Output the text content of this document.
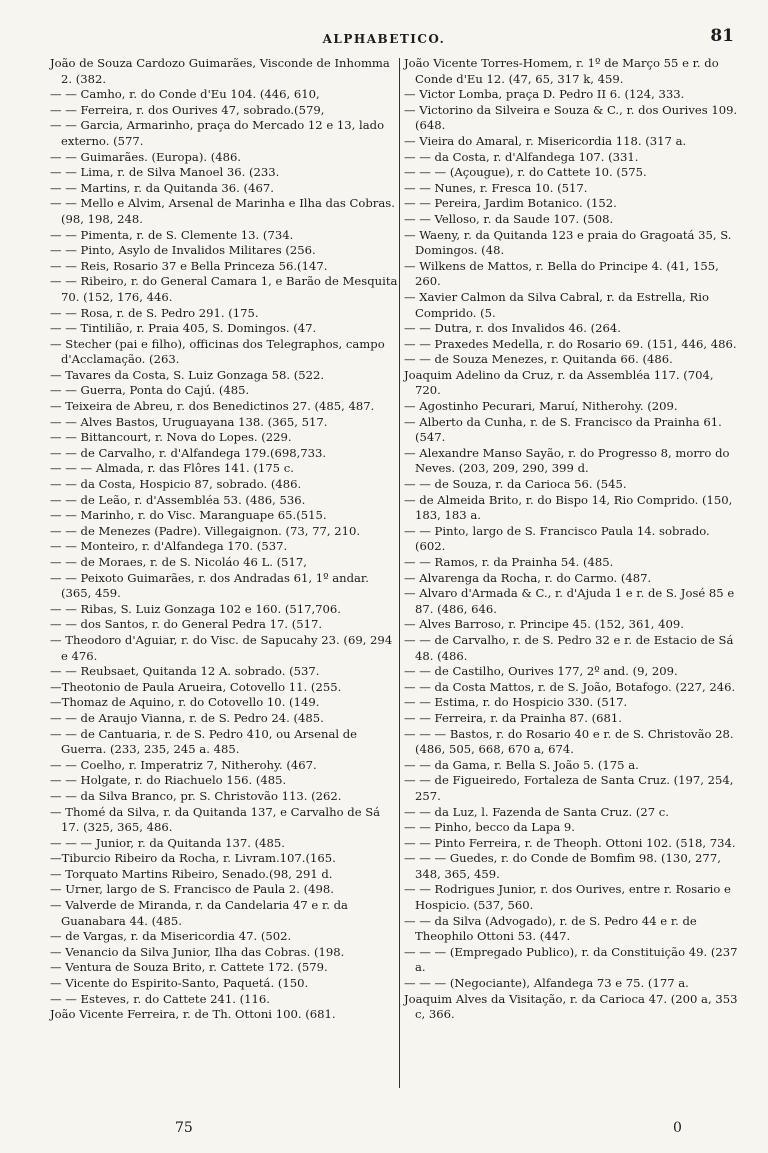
ALPHABETICO.	81

João de Souza Cardozo Guimarães, Visconde de Inhomma 2. (382.

— — Camho, r. do Conde d'Eu 104. (446, 610,

— — Ferreira, r. dos Ourives 47, sobrado.(579,

— — Garcia, Armarinho, praça do Mercado 12 e 13, lado externo. (577.

— — Guimarães. (Europa). (486.

— — Lima, r. de Silva Manoel 36. (233.

— — Martins, r. da Quitanda 36. (467.

— — Mello e Alvim, Arsenal de Marinha e Ilha das Cobras. (98, 198, 248.

— — Pimenta, r. de S. Clemente 13. (734.

— — Pinto, Asylo de Invalidos Militares (256.

— — Reis, Rosario 37 e Bella Princeza 56.(147.

— — Ribeiro, r. do General Camara 1, e Barão de Mesquita 70. (152, 176, 446.

— — Rosa, r. de S. Pedro 291. (175.

— — Tintilião, r. Praia 405, S. Domingos. (47.

— Stecher (pai e filho), officinas dos Telegraphos, campo d'Acclamação. (263.

— Tavares da Costa, S. Luiz Gonzaga 58. (522.

— — Guerra, Ponta do Cajú. (485.

— Teixeira de Abreu, r. dos Benedictinos 27. (485, 487.

— — Alves Bastos, Uruguayana 138. (365, 517.

— — Bittancourt, r. Nova do Lopes. (229.

— — de Carvalho, r. d'Alfandega 179.(698,733.

— — — Almada, r. das Flôres 141. (175 c.

— — da Costa, Hospicio 87, sobrado. (486.

— — de Leão, r. d'Assembléa 53. (486, 536.

— — Marinho, r. do Visc. Maranguape 65.(515.

— — de Menezes (Padre). Villegaignon. (73, 77, 210.

— — Monteiro, r. d'Alfandega 170. (537.

— — de Moraes, r. de S. Nicoláo 46 L. (517,

— — Peixoto Guimarães, r. dos Andradas 61, 1º andar. (365, 459.

— — Ribas, S. Luiz Gonzaga 102 e 160. (517,706.

— — dos Santos, r. do General Pedra 17. (517.

— Theodoro d'Aguiar, r. do Visc. de Sapucahy 23. (69, 294 e 476.

— — Reubsaet, Quitanda 12 A. sobrado. (537.

—Theotonio de Paula Arueira, Cotovello 11. (255.

—Thomaz de Aquino, r. do Cotovello 10. (149.

— — de Araujo Vianna, r. de S. Pedro 24. (485.

— — de Cantuaria, r. de S. Pedro 410, ou Arsenal de Guerra. (233, 235, 245 a. 485.

— — Coelho, r. Imperatriz 7, Nitherohy. (467.

— — Holgate, r. do Riachuelo 156. (485.

— — da Silva Branco, pr. S. Christovão 113. (262.

— Thomé da Silva, r. da Quitanda 137, e Carvalho de Sá 17. (325, 365, 486.

— — — Junior, r. da Quitanda 137. (485.

—Tiburcio Ribeiro da Rocha, r. Livram.107.(165.

— Torquato Martins Ribeiro, Senado.(98, 291 d.

— Urner, largo de S. Francisco de Paula 2. (498.

— Valverde de Miranda, r. da Candelaria 47 e r. da Guanabara 44. (485.

— de Vargas, r. da Misericordia 47. (502.

— Venancio da Silva Junior, Ilha das Cobras. (198.

— Ventura de Souza Brito, r. Cattete 172. (579.

— Vicente do Espirito-Santo, Paquetá. (150.

— — Esteves, r. do Cattete 241. (116.

João Vicente Ferreira, r. de Th. Ottoni 100. (681.

João Vicente Torres-Homem, r. 1º de Março 55 e r. do Conde d'Eu 12. (47, 65, 317 k, 459.

— Victor Lomba, praça D. Pedro II 6. (124, 333.

— Victorino da Silveira e Souza & C., r. dos Ourives 109. (648.

— Vieira do Amaral, r. Misericordia 118. (317 a.

— — da Costa, r. d'Alfandega 107. (331.

— — — (Açougue), r. do Cattete 10. (575.

— — Nunes, r. Fresca 10. (517.

— — Pereira, Jardim Botanico. (152.

— — Velloso, r. da Saude 107. (508.

— Waeny, r. da Quitanda 123 e praia do Gragoatá 35, S. Domingos. (48.

— Wilkens de Mattos, r. Bella do Principe 4. (41, 155, 260.

— Xavier Calmon da Silva Cabral, r. da Estrella, Rio Comprido. (5.

— — Dutra, r. dos Invalidos 46. (264.

— — Praxedes Medella, r. do Rosario 69. (151, 446, 486.

— — de Souza Menezes, r. Quitanda 66. (486.

Joaquim Adelino da Cruz, r. da Assembléa 117. (704, 720.

— Agostinho Pecurari, Maruí, Nitherohy. (209.

— Alberto da Cunha, r. de S. Francisco da Prainha 61. (547.

— Alexandre Manso Sayão, r. do Progresso 8, morro do Neves. (203, 209, 290, 399 d.

— — de Souza, r. da Carioca 56. (545.

— de Almeida Brito, r. do Bispo 14, Rio Comprido. (150, 183, 183 a.

— — Pinto, largo de S. Francisco Paula 14. sobrado. (602.

— — Ramos, r. da Prainha 54. (485.

— Alvarenga da Rocha, r. do Carmo. (487.

— Alvaro d'Armada & C., r. d'Ajuda 1 e r. de S. José 85 e 87. (486, 646.

— Alves Barroso, r. Principe 45. (152, 361, 409.

— — de Carvalho, r. de S. Pedro 32 e r. de Estacio de Sá 48. (486.

— — de Castilho, Ourives 177, 2º and. (9, 209.

— — da Costa Mattos, r. de S. João, Botafogo. (227, 246.

— — Estima, r. do Hospicio 330. (517.

— — Ferreira, r. da Prainha 87. (681.

— — — Bastos, r. do Rosario 40 e r. de S. Christovão 28. (486, 505, 668, 670 a, 674.

— — da Gama, r. Bella S. João 5. (175 a.

— — de Figueiredo, Fortaleza de Santa Cruz. (197, 254, 257.

— — da Luz, l. Fazenda de Santa Cruz. (27 c.

— — Pinho, becco da Lapa 9.

— — Pinto Ferreira, r. de Theoph. Ottoni 102. (518, 734.

— — — Guedes, r. do Conde de Bomfim 98. (130, 277, 348, 365, 459.

— — Rodrigues Junior, r. dos Ourives, entre r. Rosario e Hospicio. (537, 560.

— — da Silva (Advogado), r. de S. Pedro 44 e r. de Theophilo Ottoni 53. (447.

— — — (Empregado Publico), r. da Constituição 49. (237 a.

— — — (Negociante), Alfandega 73 e 75. (177 a.

Joaquim Alves da Visitação, r. da Carioca 47. (200 a, 353 c, 366.

75	0
